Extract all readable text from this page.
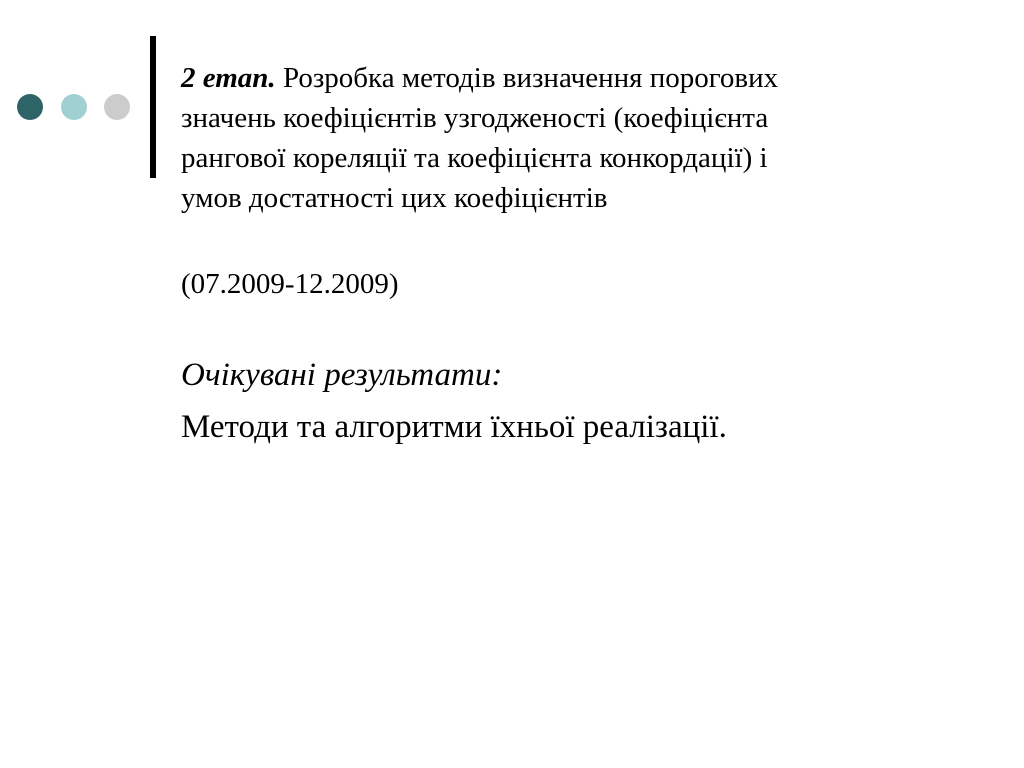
2 етап. Розробка методів визначення порогових
значень коефіцієнтів узгодженості (коефіцієнта
рангової кореляції та коефіцієнта конкордації) і
умов достатності цих коефіцієнтів

(07.2009-12.2009)

Очікувані результати:

Методи та алгоритми їхньої реалізації.
